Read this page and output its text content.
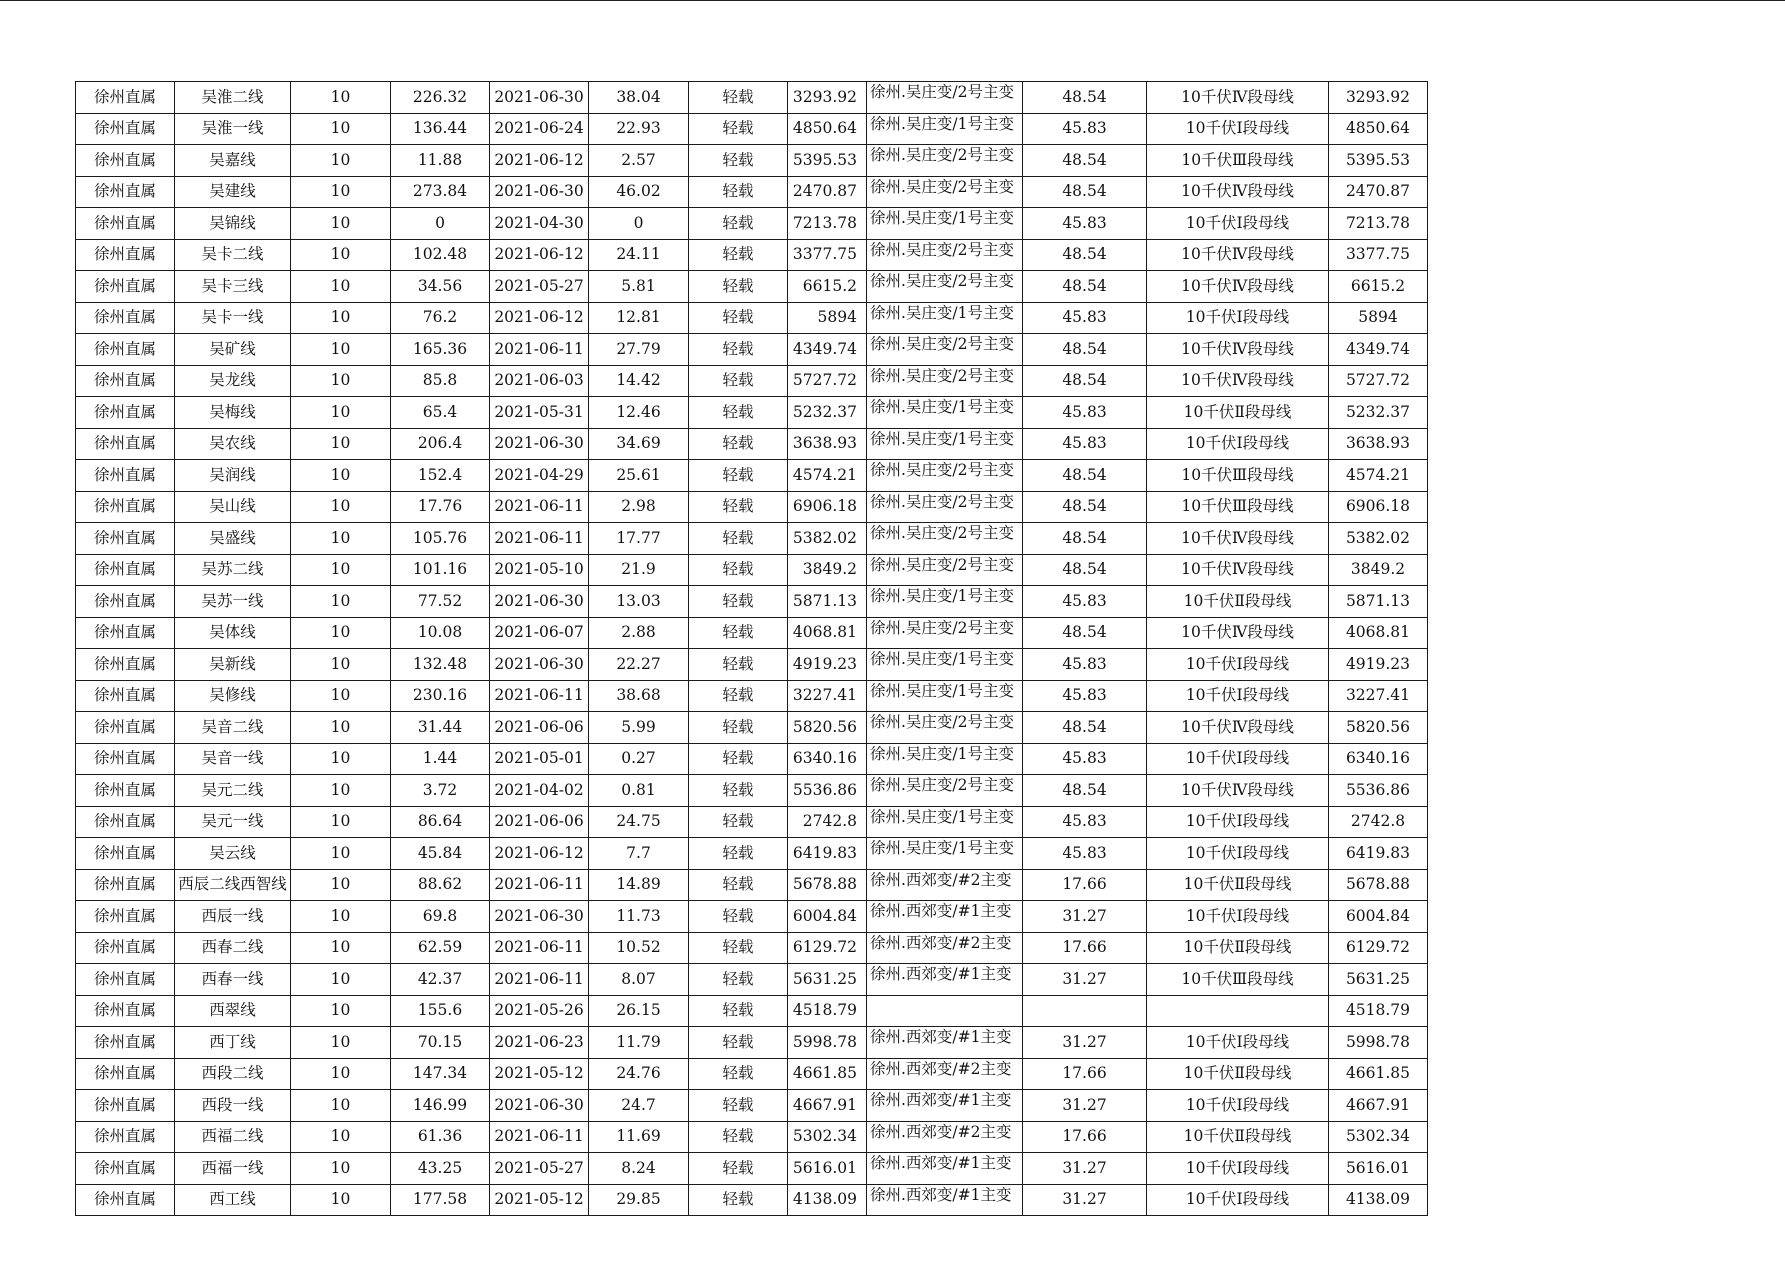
徐州直属	吴淮二线	10	226.32	2021-06-30	38.04	轻载	3293.92	徐州.吴庄变/2号主变	48.54	10千伏Ⅳ段母线	3293.92
徐州直属	吴淮一线	10	136.44	2021-06-24	22.93	轻载	4850.64	徐州.吴庄变/1号主变	45.83	10千伏Ⅰ段母线	4850.64
徐州直属	吴嘉线	10	11.88	2021-06-12	2.57	轻载	5395.53	徐州.吴庄变/2号主变	48.54	10千伏Ⅲ段母线	5395.53
徐州直属	吴建线	10	273.84	2021-06-30	46.02	轻载	2470.87	徐州.吴庄变/2号主变	48.54	10千伏Ⅳ段母线	2470.87
徐州直属	吴锦线	10	0	2021-04-30	0	轻载	7213.78	徐州.吴庄变/1号主变	45.83	10千伏Ⅰ段母线	7213.78
徐州直属	吴卡二线	10	102.48	2021-06-12	24.11	轻载	3377.75	徐州.吴庄变/2号主变	48.54	10千伏Ⅳ段母线	3377.75
徐州直属	吴卡三线	10	34.56	2021-05-27	5.81	轻载	6615.2	徐州.吴庄变/2号主变	48.54	10千伏Ⅳ段母线	6615.2
徐州直属	吴卡一线	10	76.2	2021-06-12	12.81	轻载	5894	徐州.吴庄变/1号主变	45.83	10千伏Ⅰ段母线	5894
徐州直属	吴矿线	10	165.36	2021-06-11	27.79	轻载	4349.74	徐州.吴庄变/2号主变	48.54	10千伏Ⅳ段母线	4349.74
徐州直属	吴龙线	10	85.8	2021-06-03	14.42	轻载	5727.72	徐州.吴庄变/2号主变	48.54	10千伏Ⅳ段母线	5727.72
徐州直属	吴梅线	10	65.4	2021-05-31	12.46	轻载	5232.37	徐州.吴庄变/1号主变	45.83	10千伏Ⅱ段母线	5232.37
徐州直属	吴农线	10	206.4	2021-06-30	34.69	轻载	3638.93	徐州.吴庄变/1号主变	45.83	10千伏Ⅰ段母线	3638.93
徐州直属	吴润线	10	152.4	2021-04-29	25.61	轻载	4574.21	徐州.吴庄变/2号主变	48.54	10千伏Ⅲ段母线	4574.21
徐州直属	吴山线	10	17.76	2021-06-11	2.98	轻载	6906.18	徐州.吴庄变/2号主变	48.54	10千伏Ⅲ段母线	6906.18
徐州直属	吴盛线	10	105.76	2021-06-11	17.77	轻载	5382.02	徐州.吴庄变/2号主变	48.54	10千伏Ⅳ段母线	5382.02
徐州直属	吴苏二线	10	101.16	2021-05-10	21.9	轻载	3849.2	徐州.吴庄变/2号主变	48.54	10千伏Ⅳ段母线	3849.2
徐州直属	吴苏一线	10	77.52	2021-06-30	13.03	轻载	5871.13	徐州.吴庄变/1号主变	45.83	10千伏Ⅱ段母线	5871.13
徐州直属	吴体线	10	10.08	2021-06-07	2.88	轻载	4068.81	徐州.吴庄变/2号主变	48.54	10千伏Ⅳ段母线	4068.81
徐州直属	吴新线	10	132.48	2021-06-30	22.27	轻载	4919.23	徐州.吴庄变/1号主变	45.83	10千伏Ⅰ段母线	4919.23
徐州直属	吴修线	10	230.16	2021-06-11	38.68	轻载	3227.41	徐州.吴庄变/1号主变	45.83	10千伏Ⅰ段母线	3227.41
徐州直属	吴音二线	10	31.44	2021-06-06	5.99	轻载	5820.56	徐州.吴庄变/2号主变	48.54	10千伏Ⅳ段母线	5820.56
徐州直属	吴音一线	10	1.44	2021-05-01	0.27	轻载	6340.16	徐州.吴庄变/1号主变	45.83	10千伏Ⅰ段母线	6340.16
徐州直属	吴元二线	10	3.72	2021-04-02	0.81	轻载	5536.86	徐州.吴庄变/2号主变	48.54	10千伏Ⅳ段母线	5536.86
徐州直属	吴元一线	10	86.64	2021-06-06	24.75	轻载	2742.8	徐州.吴庄变/1号主变	45.83	10千伏Ⅰ段母线	2742.8
徐州直属	吴云线	10	45.84	2021-06-12	7.7	轻载	6419.83	徐州.吴庄变/1号主变	45.83	10千伏Ⅰ段母线	6419.83
徐州直属	西辰二线西智线	10	88.62	2021-06-11	14.89	轻载	5678.88	徐州.西郊变/#2主变	17.66	10千伏Ⅱ段母线	5678.88
徐州直属	西辰一线	10	69.8	2021-06-30	11.73	轻载	6004.84	徐州.西郊变/#1主变	31.27	10千伏Ⅰ段母线	6004.84
徐州直属	西春二线	10	62.59	2021-06-11	10.52	轻载	6129.72	徐州.西郊变/#2主变	17.66	10千伏Ⅱ段母线	6129.72
徐州直属	西春一线	10	42.37	2021-06-11	8.07	轻载	5631.25	徐州.西郊变/#1主变	31.27	10千伏Ⅲ段母线	5631.25
徐州直属	西翠线	10	155.6	2021-05-26	26.15	轻载	4518.79				4518.79
徐州直属	西丁线	10	70.15	2021-06-23	11.79	轻载	5998.78	徐州.西郊变/#1主变	31.27	10千伏Ⅰ段母线	5998.78
徐州直属	西段二线	10	147.34	2021-05-12	24.76	轻载	4661.85	徐州.西郊变/#2主变	17.66	10千伏Ⅱ段母线	4661.85
徐州直属	西段一线	10	146.99	2021-06-30	24.7	轻载	4667.91	徐州.西郊变/#1主变	31.27	10千伏Ⅰ段母线	4667.91
徐州直属	西福二线	10	61.36	2021-06-11	11.69	轻载	5302.34	徐州.西郊变/#2主变	17.66	10千伏Ⅱ段母线	5302.34
徐州直属	西福一线	10	43.25	2021-05-27	8.24	轻载	5616.01	徐州.西郊变/#1主变	31.27	10千伏Ⅰ段母线	5616.01
徐州直属	西工线	10	177.58	2021-05-12	29.85	轻载	4138.09	徐州.西郊变/#1主变	31.27	10千伏Ⅰ段母线	4138.09
